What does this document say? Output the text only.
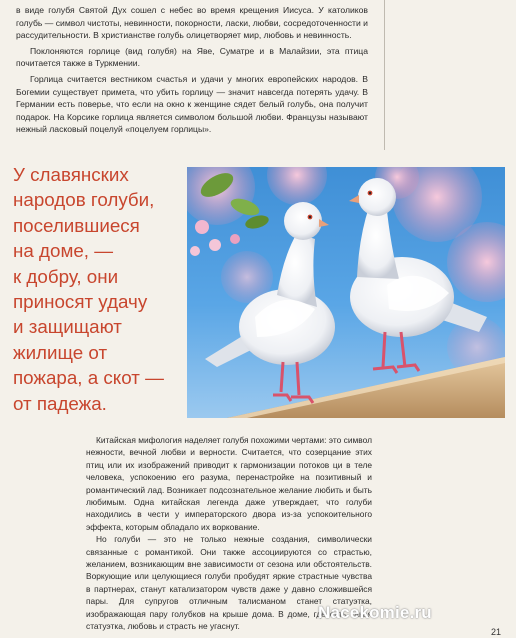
в виде голубя Святой Дух сошел с небес во время крещения Иисуса. У католиков голубь — символ чистоты, невинности, покорности, ласки, любви, сосредоточенности и рассудительности. В христианстве голубь олицетворяет мир, любовь и невинность.

Поклоняются горлице (вид голубя) на Яве, Суматре и в Малайзии, эта птица почитается также в Туркмении.

Горлица считается вестником счастья и удачи у многих европейских народов. В Богемии существует примета, что убить горлицу — значит навсегда потерять удачу. В Германии есть поверье, что если на окно к женщине сядет белый голубь, она получит подарок. На Корсике горлица является символом большой любви. Французы называют нежный ласковый поцелуй «поцелуем горлицы».

У славянских
народов голуби,
поселившиеся
на доме, —
к добру, они
приносят удачу
и защищают
жилище от
пожара, а скот —
от падежа.

Китайская мифология наделяет голубя похожими чертами: это символ нежности, вечной любви и верности. Считается, что созерцание этих птиц или их изображений приводит к гармонизации потоков ци в теле человека, успокоению его разума, перенастройке на позитивный и романтический лад. Возникает подсознательное желание любить и быть любимым. Одна китайская легенда даже утверждает, что голуби находились в чести у императорского двора из-за успокоительного эффекта, которым обладало их воркование.

Но голуби — это не только нежные создания, символически связанные с романтикой. Они также ассоциируются со страстью, желанием, возникающим вне зависимости от сезона или обстоятельств. Воркующие или целующиеся голуби пробудят яркие страстные чувства в партнерах, станут катализатором чувств даже у давно сложившейся пары. Для супругов отличным талисманом станет статуэтка, изображающая пару голубков на крыше дома. В доме, где есть такая статуэтка, любовь и страсть не угаснут.

Nacekomie.ru
21
